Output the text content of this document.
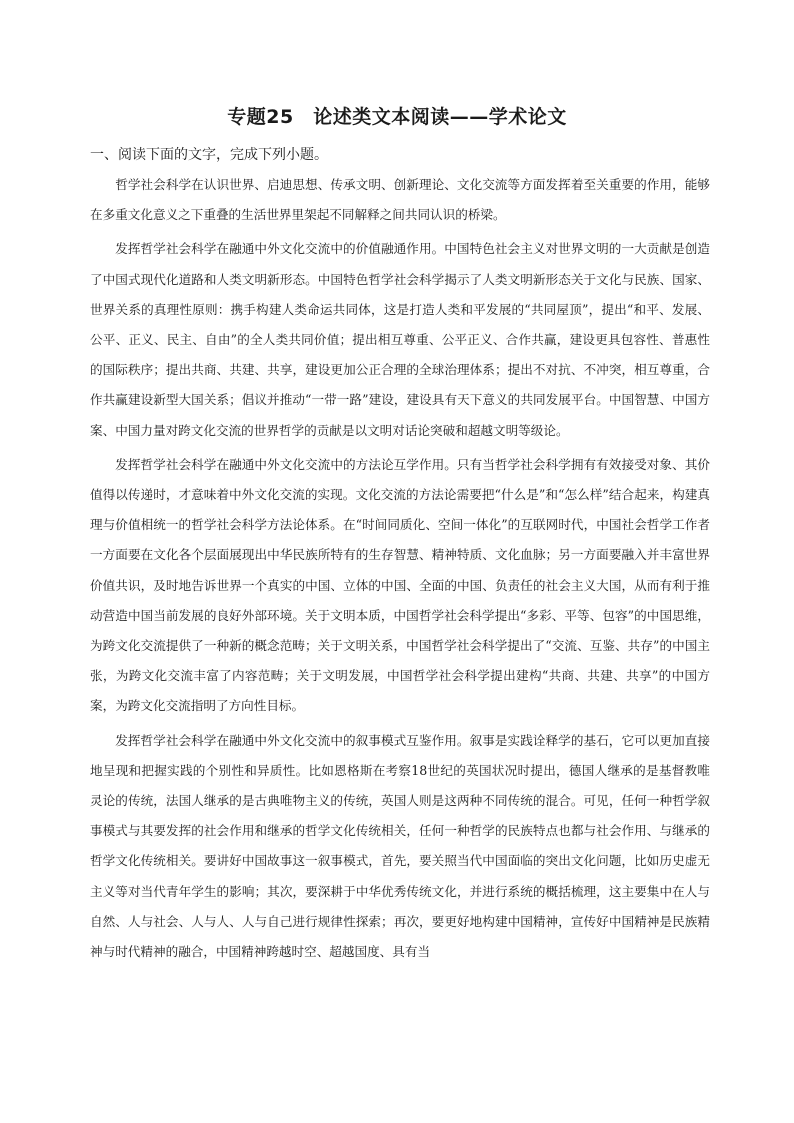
专题25　论述类文本阅读——学术论文
一、阅读下面的文字，完成下列小题。

哲学社会科学在认识世界、启迪思想、传承文明、创新理论、文化交流等方面发挥着至关重要的作用，能够在多重文化意义之下重叠的生活世界里架起不同解释之间共同认识的桥梁。

发挥哲学社会科学在融通中外文化交流中的价值融通作用。中国特色社会主义对世界文明的一大贡献是创造了中国式现代化道路和人类文明新形态。中国特色哲学社会科学揭示了人类文明新形态关于文化与民族、国家、世界关系的真理性原则：携手构建人类命运共同体，这是打造人类和平发展的“共同屋顶”，提出“和平、发展、公平、正义、民主、自由”的全人类共同价值；提出相互尊重、公平正义、合作共赢，建设更具包容性、普惠性的国际秩序；提出共商、共建、共享，建设更加公正合理的全球治理体系；提出不对抗、不冲突，相互尊重，合作共赢建设新型大国关系；倡议并推动“一带一路”建设，建设具有天下意义的共同发展平台。中国智慧、中国方案、中国力量对跨文化交流的世界哲学的贡献是以文明对话论突破和超越文明等级论。

发挥哲学社会科学在融通中外文化交流中的方法论互学作用。只有当哲学社会科学拥有有效接受对象、其价值得以传递时，才意味着中外文化交流的实现。文化交流的方法论需要把“什么是”和“怎么样”结合起来，构建真理与价值相统一的哲学社会科学方法论体系。在“时间同质化、空间一体化”的互联网时代，中国社会哲学工作者一方面要在文化各个层面展现出中华民族所特有的生存智慧、精神特质、文化血脉；另一方面要融入并丰富世界价值共识，及时地告诉世界一个真实的中国、立体的中国、全面的中国、负责任的社会主义大国，从而有利于推动营造中国当前发展的良好外部环境。关于文明本质，中国哲学社会科学提出“多彩、平等、包容”的中国思维，为跨文化交流提供了一种新的概念范畴；关于文明关系，中国哲学社会科学提出了“交流、互鉴、共存”的中国主张，为跨文化交流丰富了内容范畴；关于文明发展，中国哲学社会科学提出建构“共商、共建、共享”的中国方案，为跨文化交流指明了方向性目标。

发挥哲学社会科学在融通中外文化交流中的叙事模式互鉴作用。叙事是实践诠释学的基石，它可以更加直接地呈现和把握实践的个别性和异质性。比如恩格斯在考察18世纪的英国状况时提出，德国人继承的是基督教唯灵论的传统，法国人继承的是古典唯物主义的传统，英国人则是这两种不同传统的混合。可见，任何一种哲学叙事模式与其要发挥的社会作用和继承的哲学文化传统相关，任何一种哲学的民族特点也都与社会作用、与继承的哲学文化传统相关。要讲好中国故事这一叙事模式，首先，要关照当代中国面临的突出文化问题，比如历史虚无主义等对当代青年学生的影响；其次，要深耕于中华优秀传统文化，并进行系统的概括梳理，这主要集中在人与自然、人与社会、人与人、人与自己进行规律性探索；再次，要更好地构建中国精神，宣传好中国精神是民族精神与时代精神的融合，中国精神跨越时空、超越国度、具有当
